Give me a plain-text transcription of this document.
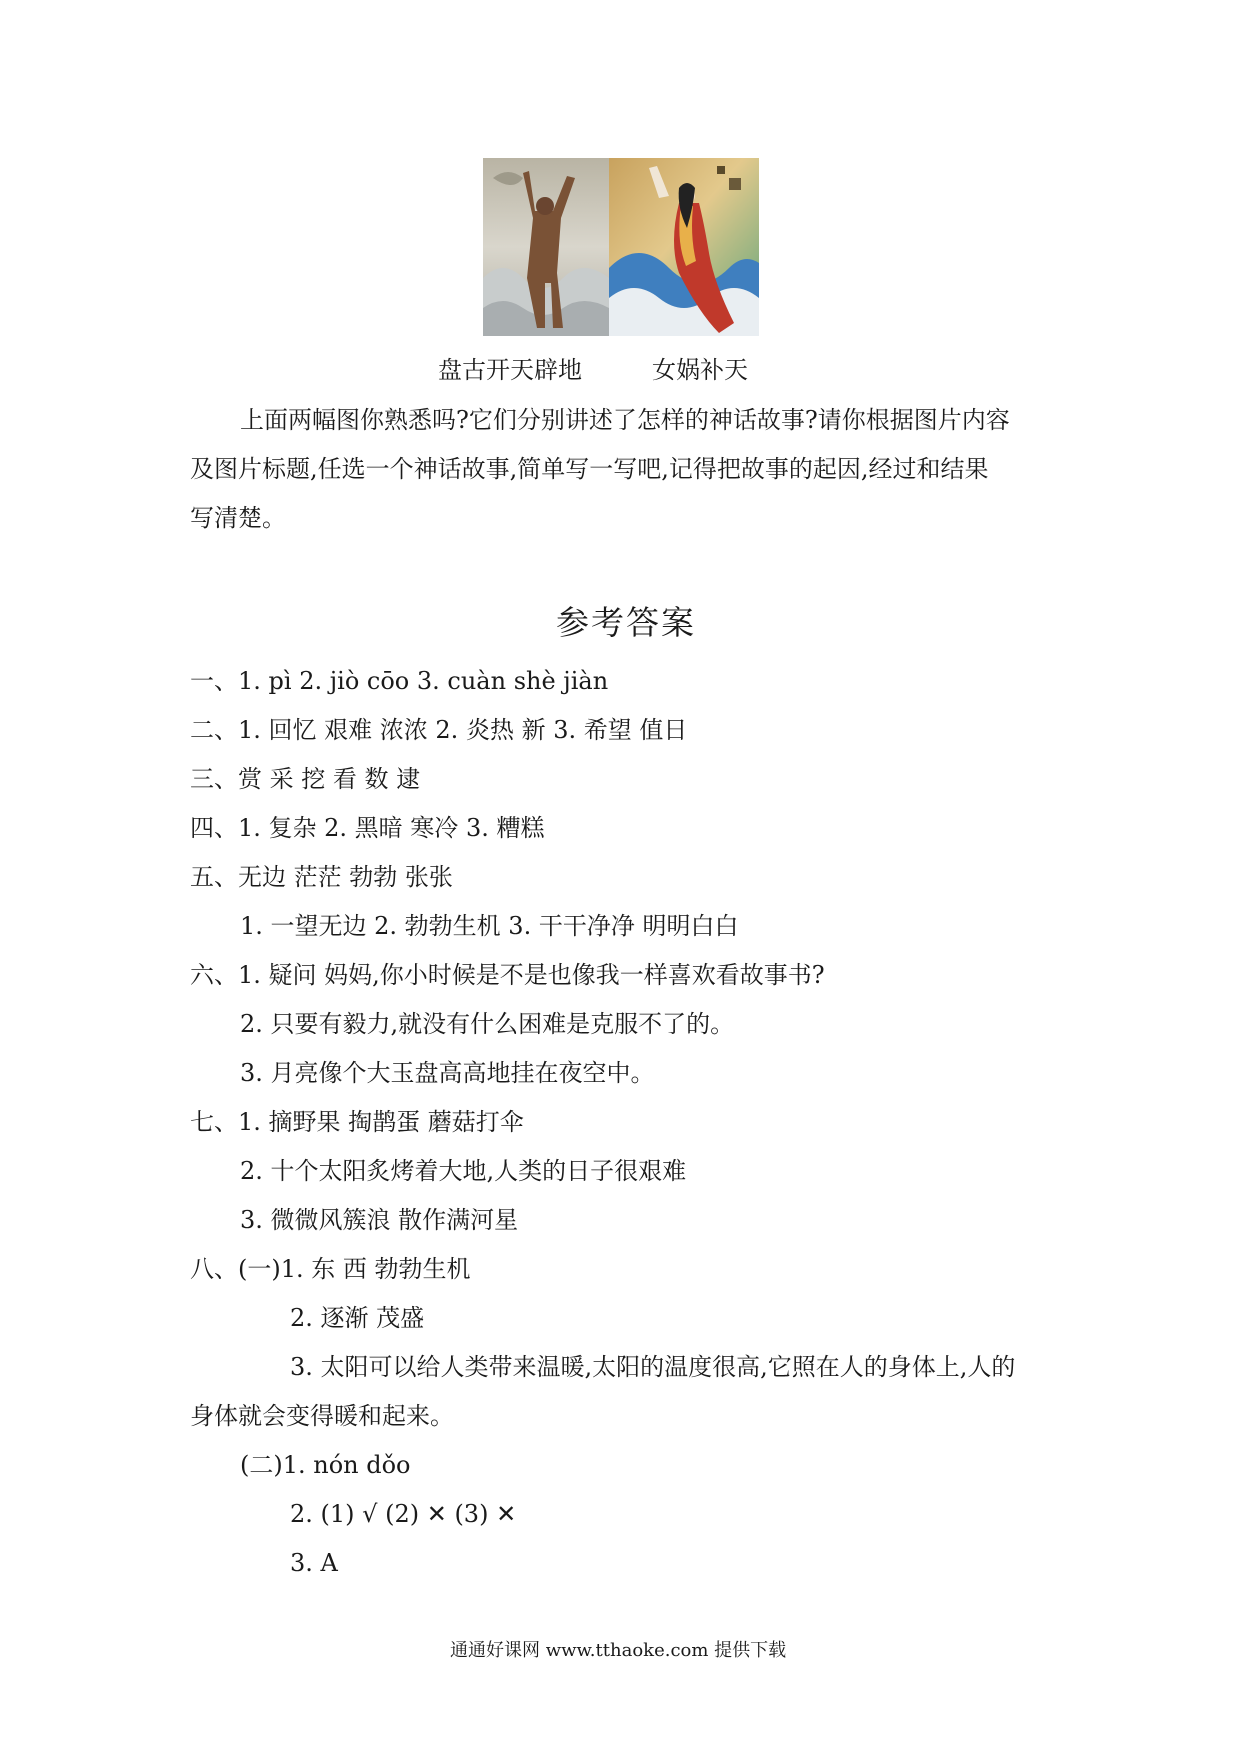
盘古开天辟地	女娲补天
上面两幅图你熟悉吗?它们分别讲述了怎样的神话故事?请你根据图片内容
及图片标题,任选一个神话故事,简单写一写吧,记得把故事的起因,经过和结果
写清楚。
参考答案
一、1. pì 2. jiò cōo 3. cuàn shè jiàn
二、1. 回忆 艰难 浓浓 2. 炎热 新 3. 希望 值日
三、赏 采 挖 看 数 逮
四、1. 复杂 2. 黑暗 寒冷 3. 糟糕
五、无边 茫茫 勃勃 张张
1. 一望无边 2. 勃勃生机 3. 干干净净 明明白白
六、1. 疑问 妈妈,你小时候是不是也像我一样喜欢看故事书?
2. 只要有毅力,就没有什么困难是克服不了的。
3. 月亮像个大玉盘高高地挂在夜空中。
七、1. 摘野果 掏鹊蛋 蘑菇打伞
2. 十个太阳炙烤着大地,人类的日子很艰难
3. 微微风簇浪 散作满河星
八、(一)1. 东 西 勃勃生机
2. 逐渐 茂盛
3. 太阳可以给人类带来温暖,太阳的温度很高,它照在人的身体上,人的
身体就会变得暖和起来。
(二)1. nón dǒo
2. (1) √ (2) ✕ (3) ✕
3. A
通通好课网 www.tthaoke.com 提供下载
